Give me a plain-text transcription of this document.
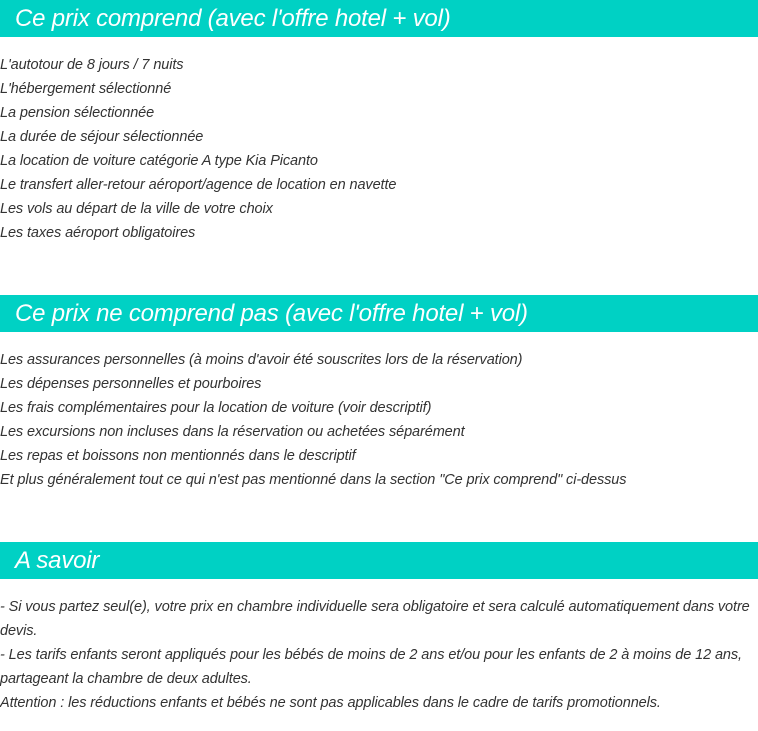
Ce prix comprend (avec l'offre hotel + vol)
L'autotour de 8 jours / 7 nuits
L'hébergement sélectionné
La pension sélectionnée
La durée de séjour sélectionnée
La location de voiture catégorie A type Kia Picanto
Le transfert aller-retour aéroport/agence de location en navette
Les vols au départ de la ville de votre choix
Les taxes aéroport obligatoires
Ce prix ne comprend pas (avec l'offre hotel + vol)
Les assurances personnelles (à moins d'avoir été souscrites lors de la réservation)
Les dépenses personnelles et pourboires
Les frais complémentaires pour la location de voiture (voir descriptif)
Les excursions non incluses dans la réservation ou achetées séparément
Les repas et boissons non mentionnés dans le descriptif
Et plus généralement tout ce qui n'est pas mentionné dans la section "Ce prix comprend" ci-dessus
A savoir

- Si vous partez seul(e), votre prix en chambre individuelle sera obligatoire et sera calculé automatiquement dans votre devis.

- Les tarifs enfants seront appliqués pour les bébés de moins de 2 ans et/ou pour les enfants de 2 à moins de 12 ans, partageant la chambre de deux adultes.

Attention : les réductions enfants et bébés ne sont pas applicables dans le cadre de tarifs promotionnels.
